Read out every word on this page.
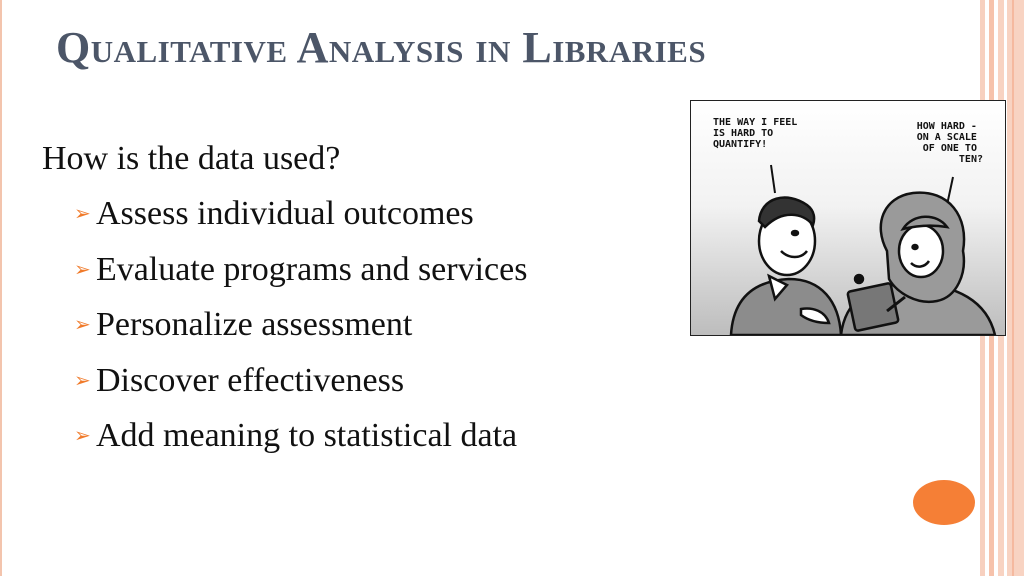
Qualitative Analysis in Libraries

How is the data used?

➢ Assess individual outcomes
➢ Evaluate programs and services
➢ Personalize assessment
➢ Discover effectiveness
➢ Add meaning to statistical data
THE WAY I FEEL IS HARD TO QUANTIFY!
HOW HARD - ON A SCALE OF ONE TO TEN?
